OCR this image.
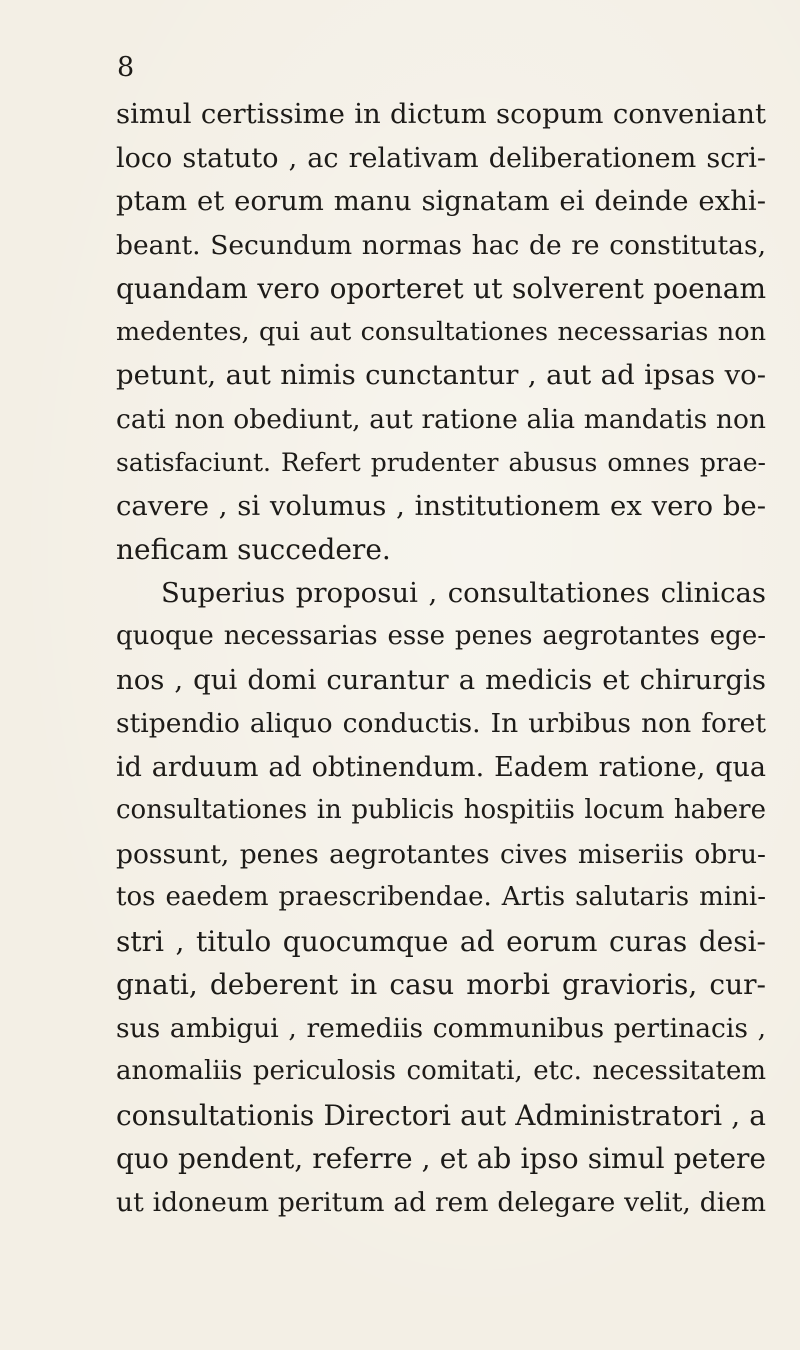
8
simul certissime in dictum scopum conveniant
loco statuto , ac relativam deliberationem scri-
ptam et eorum manu signatam ei deinde exhi-
beant. Secundum normas hac de re constitutas,
quandam vero oporteret ut solverent poenam
medentes, qui aut consultationes necessarias non
petunt, aut nimis cunctantur , aut ad ipsas vo-
cati non obediunt, aut ratione alia mandatis non
satisfaciunt. Refert prudenter abusus omnes prae-
cavere , si volumus , institutionem ex vero be-
neficam succedere.
Superius proposui , consultationes clinicas
quoque necessarias esse penes aegrotantes ege-
nos , qui domi curantur a medicis et chirurgis
stipendio aliquo conductis. In urbibus non foret
id arduum ad obtinendum. Eadem ratione, qua
consultationes in publicis hospitiis locum habere
possunt, penes aegrotantes cives miseriis obru-
tos eaedem praescribendae. Artis salutaris mini-
stri , titulo quocumque ad eorum curas desi-
gnati, deberent in casu morbi gravioris, cur-
sus ambigui , remediis communibus pertinacis ,
anomaliis periculosis comitati, etc. necessitatem
consultationis Directori aut Administratori , a
quo pendent, referre , et ab ipso simul petere
ut idoneum peritum ad rem delegare velit, diem
